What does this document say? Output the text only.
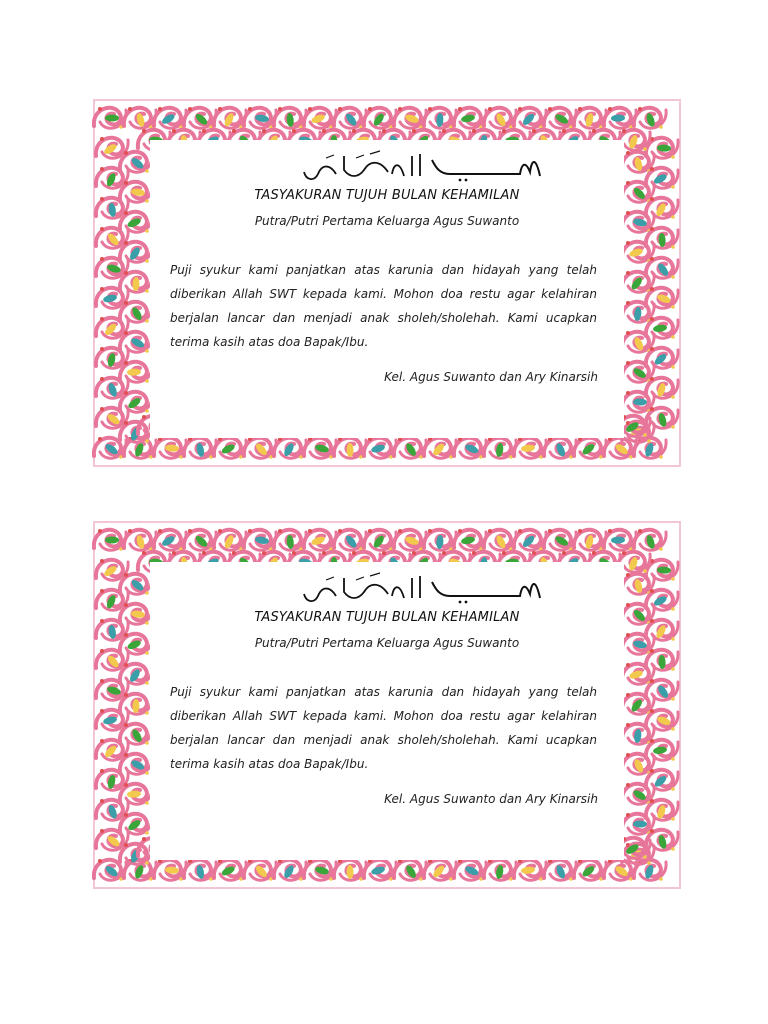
TASYAKURAN TUJUH BULAN KEHAMILAN
Putra/Putri Pertama Keluarga Agus Suwanto
Puji syukur kami panjatkan atas karunia dan hidayah yang telah diberikan Allah SWT kepada kami. Mohon doa restu agar kelahiran berjalan lancar dan menjadi anak sholeh/sholehah. Kami ucapkan terima kasih atas doa Bapak/Ibu.
Kel. Agus Suwanto dan Ary Kinarsih
TASYAKURAN TUJUH BULAN KEHAMILAN
Putra/Putri Pertama Keluarga Agus Suwanto
Puji syukur kami panjatkan atas karunia dan hidayah yang telah diberikan Allah SWT kepada kami. Mohon doa restu agar kelahiran berjalan lancar dan menjadi anak sholeh/sholehah. Kami ucapkan terima kasih atas doa Bapak/Ibu.
Kel. Agus Suwanto dan Ary Kinarsih
